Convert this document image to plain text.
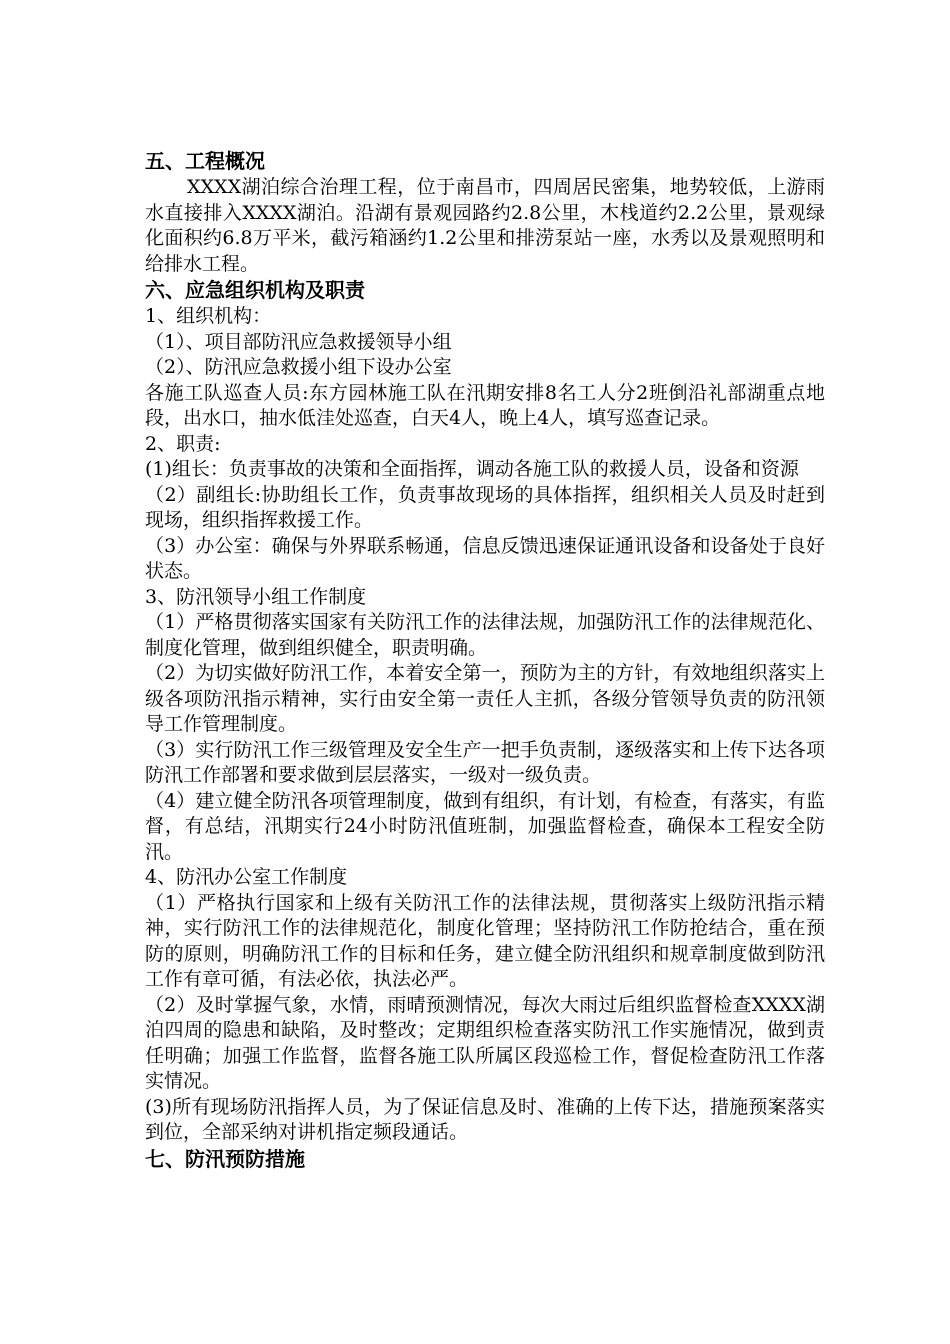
五、工程概况

XXXX湖泊综合治理工程，位于南昌市，四周居民密集，地势较低，上游雨水直接排入XXXX湖泊。沿湖有景观园路约2.8公里，木栈道约2.2公里，景观绿化面积约6.8万平米，截污箱涵约1.2公里和排涝泵站一座，水秀以及景观照明和给排水工程。

六、应急组织机构及职责

1、组织机构：

（1）、项目部防汛应急救援领导小组

（2）、防汛应急救援小组下设办公室

各施工队巡查人员:东方园林施工队在汛期安排8名工人分2班倒沿礼部湖重点地段，出水口，抽水低洼处巡查，白天4人，晚上4人，填写巡查记录。

2、职责:

(1)组长：负责事故的决策和全面指挥，调动各施工队的救援人员，设备和资源

（2）副组长:协助组长工作，负责事故现场的具体指挥，组织相关人员及时赶到现场，组织指挥救援工作。

（3）办公室：确保与外界联系畅通，信息反馈迅速保证通讯设备和设备处于良好状态。

3、防汛领导小组工作制度

（1）严格贯彻落实国家有关防汛工作的法律法规，加强防汛工作的法律规范化、制度化管理，做到组织健全，职责明确。

（2）为切实做好防汛工作，本着安全第一，预防为主的方针，有效地组织落实上级各项防汛指示精神，实行由安全第一责任人主抓，各级分管领导负责的防汛领导工作管理制度。

（3）实行防汛工作三级管理及安全生产一把手负责制，逐级落实和上传下达各项防汛工作部署和要求做到层层落实，一级对一级负责。

（4）建立健全防汛各项管理制度，做到有组织，有计划，有检查，有落实，有监督，有总结，汛期实行24小时防汛值班制，加强监督检查，确保本工程安全防汛。

4、防汛办公室工作制度

（1）严格执行国家和上级有关防汛工作的法律法规，贯彻落实上级防汛指示精神，实行防汛工作的法律规范化，制度化管理；坚持防汛工作防抢结合，重在预防的原则，明确防汛工作的目标和任务，建立健全防汛组织和规章制度做到防汛工作有章可循，有法必依，执法必严。

（2）及时掌握气象，水情，雨晴预测情况，每次大雨过后组织监督检查XXXX湖泊四周的隐患和缺陷，及时整改；定期组织检查落实防汛工作实施情况，做到责任明确；加强工作监督，监督各施工队所属区段巡检工作，督促检查防汛工作落实情况。

(3)所有现场防汛指挥人员，为了保证信息及时、准确的上传下达，措施预案落实到位，全部采纳对讲机指定频段通话。

七、防汛预防措施
